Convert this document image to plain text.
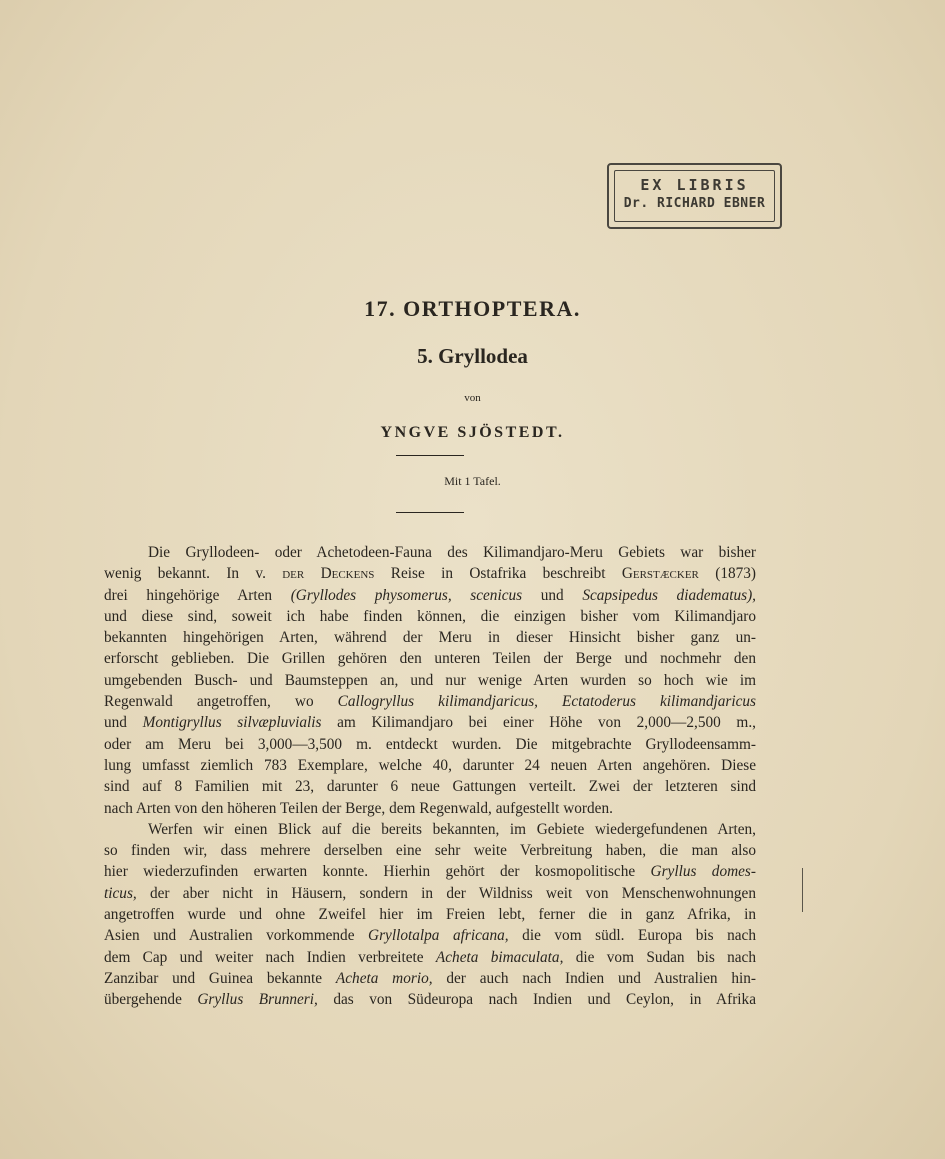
EX LIBRIS
Dr. RICHARD EBNER
17. ORTHOPTERA.
5. Gryllodea
von
YNGVE SJÖSTEDT.
Mit 1 Tafel.
Die Gryllodeen- oder Achetodeen-Fauna des Kilimandjaro-Meru Gebiets war bisher
wenig bekannt. In v. der Deckens Reise in Ostafrika beschreibt Gerstæcker (1873)
drei hingehörige Arten (Gryllodes physomerus, scenicus und Scapsipedus diadematus),
und diese sind, soweit ich habe finden können, die einzigen bisher vom Kilimandjaro
bekannten hingehörigen Arten, während der Meru in dieser Hinsicht bisher ganz un-
erforscht geblieben. Die Grillen gehören den unteren Teilen der Berge und nochmehr den
umgebenden Busch- und Baumsteppen an, und nur wenige Arten wurden so hoch wie im
Regenwald angetroffen, wo Callogryllus kilimandjaricus, Ectatoderus kilimandjaricus
und Montigryllus silvæpluvialis am Kilimandjaro bei einer Höhe von 2,000—2,500 m.,
oder am Meru bei 3,000—3,500 m. entdeckt wurden. Die mitgebrachte Gryllodeensamm-
lung umfasst ziemlich 783 Exemplare, welche 40, darunter 24 neuen Arten angehören. Diese
sind auf 8 Familien mit 23, darunter 6 neue Gattungen verteilt. Zwei der letzteren sind
nach Arten von den höheren Teilen der Berge, dem Regenwald, aufgestellt worden.
Werfen wir einen Blick auf die bereits bekannten, im Gebiete wiedergefundenen Arten,
so finden wir, dass mehrere derselben eine sehr weite Verbreitung haben, die man also
hier wiederzufinden erwarten konnte. Hierhin gehört der kosmopolitische Gryllus domes-
ticus, der aber nicht in Häusern, sondern in der Wildniss weit von Menschenwohnungen
angetroffen wurde und ohne Zweifel hier im Freien lebt, ferner die in ganz Afrika, in
Asien und Australien vorkommende Gryllotalpa africana, die vom südl. Europa bis nach
dem Cap und weiter nach Indien verbreitete Acheta bimaculata, die vom Sudan bis nach
Zanzibar und Guinea bekannte Acheta morio, der auch nach Indien und Australien hin-
übergehende Gryllus Brunneri, das von Südeuropa nach Indien und Ceylon, in Afrika
